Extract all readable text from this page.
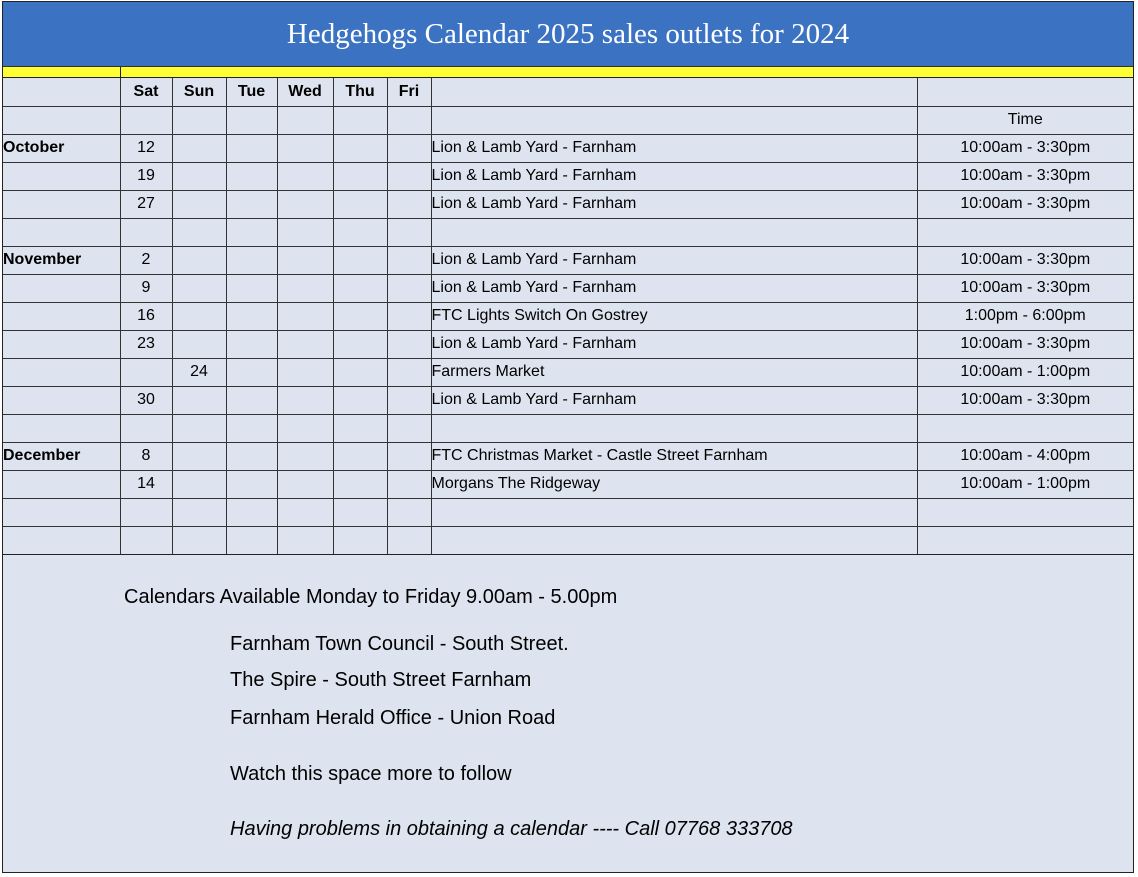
Hedgehogs Calendar 2025 sales outlets for 2024
	Sat	Sun	Tue	Wed	Thu	Fri		
								Time
October	12						Lion & Lamb Yard - Farnham	10:00am - 3:30pm
	19						Lion & Lamb Yard - Farnham	10:00am - 3:30pm
	27						Lion & Lamb Yard - Farnham	10:00am - 3:30pm

November	2						Lion & Lamb Yard - Farnham	10:00am - 3:30pm
	9						Lion & Lamb Yard - Farnham	10:00am - 3:30pm
	16						FTC Lights Switch On Gostrey	1:00pm - 6:00pm
	23						Lion & Lamb Yard - Farnham	10:00am - 3:30pm
		24					Farmers Market	10:00am - 1:00pm
	30						Lion & Lamb Yard - Farnham	10:00am - 3:30pm

December	8						FTC Christmas Market - Castle Street Farnham	10:00am - 4:00pm
	14						Morgans The Ridgeway	10:00am - 1:00pm

Calendars Available Monday to Friday 9.00am - 5.00pm
Farnham Town Council - South Street.
The Spire - South Street Farnham
Farnham Herald Office - Union Road
Watch this space more to follow
Having problems in obtaining a calendar ---- Call 07768 333708
